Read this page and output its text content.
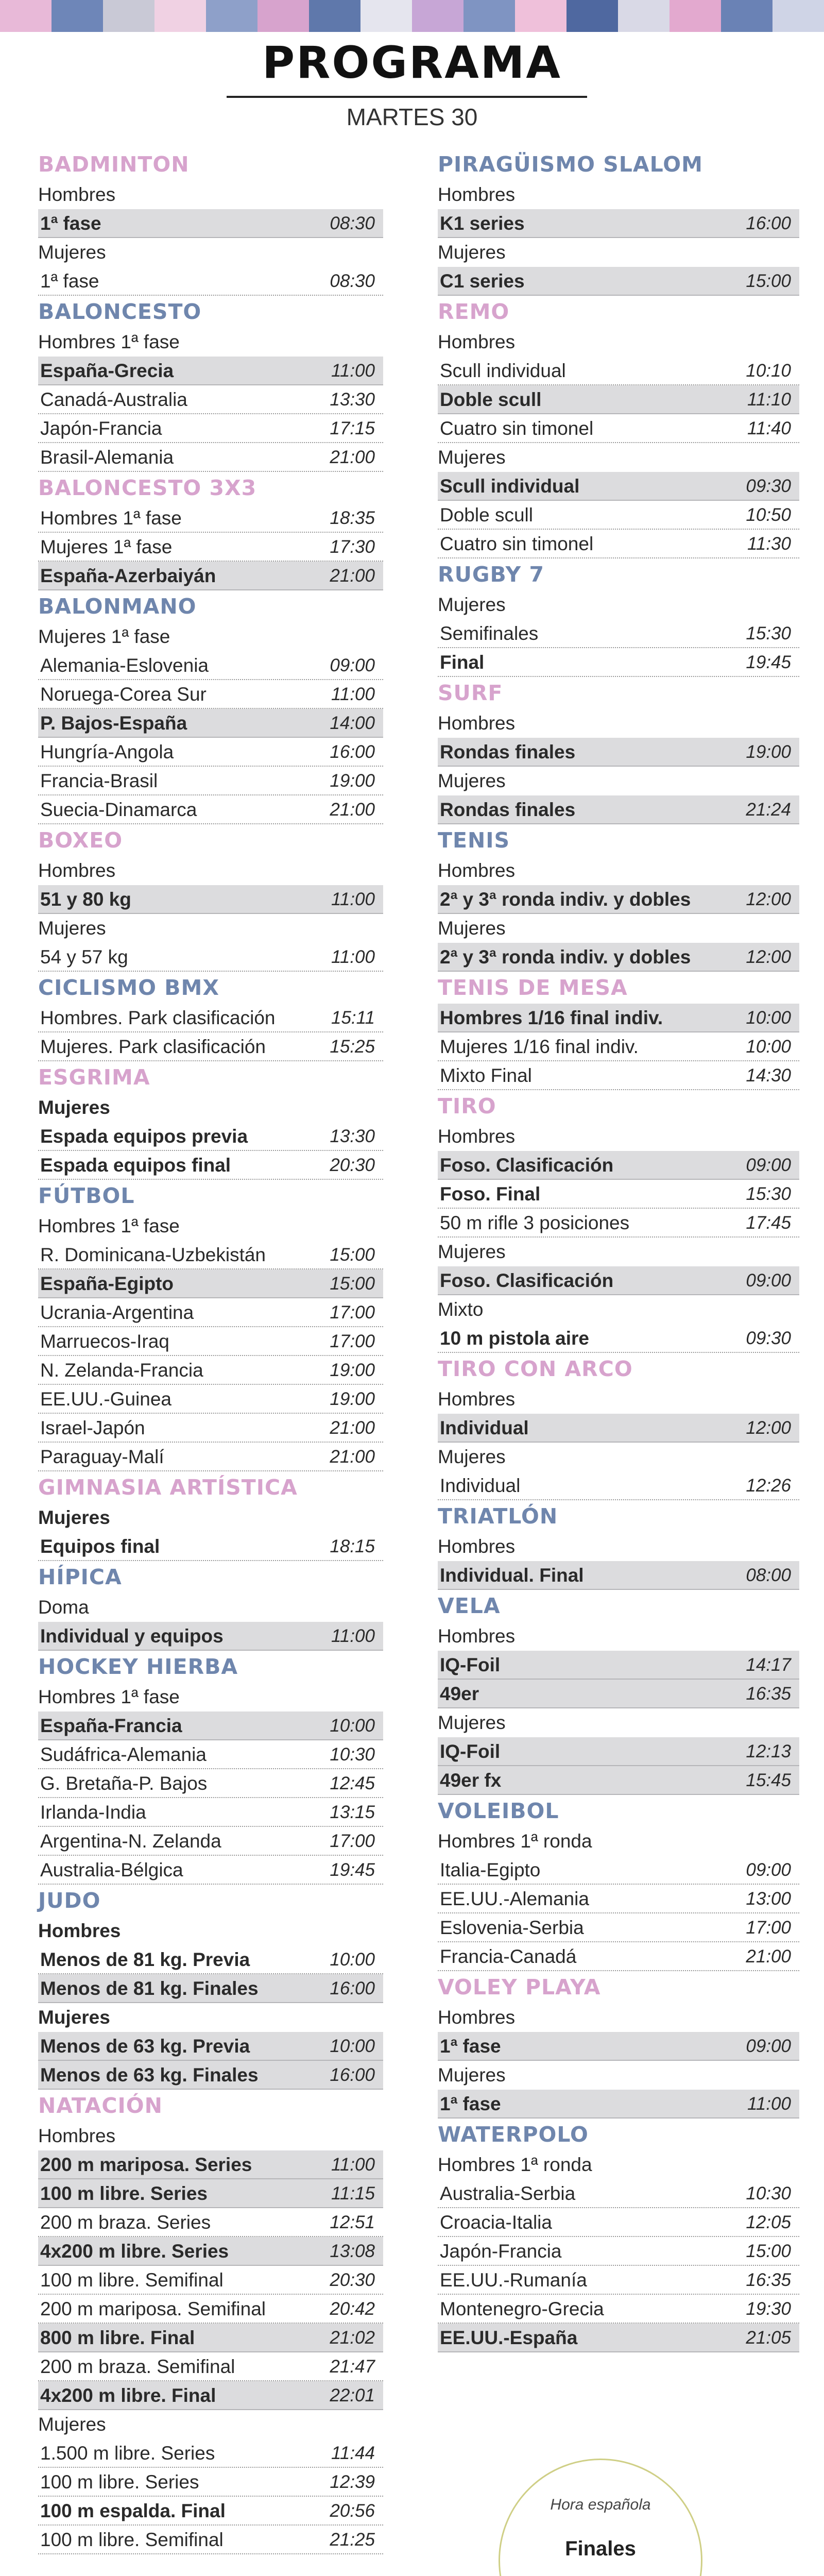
PROGRAMA
MARTES 30
BADMINTON
Hombres
1ª fase	08:30
Mujeres
1ª fase	08:30
BALONCESTO
Hombres 1ª fase
España-Grecia	11:00
Canadá-Australia	13:30
Japón-Francia	17:15
Brasil-Alemania	21:00
BALONCESTO 3X3
Hombres 1ª fase	18:35
Mujeres 1ª fase	17:30
España-Azerbaiyán	21:00
BALONMANO
Mujeres 1ª fase
Alemania-Eslovenia	09:00
Noruega-Corea Sur	11:00
P. Bajos-España	14:00
Hungría-Angola	16:00
Francia-Brasil	19:00
Suecia-Dinamarca	21:00
BOXEO
Hombres
51 y 80 kg	11:00
Mujeres
54 y 57 kg	11:00
CICLISMO BMX
Hombres. Park clasificación	15:11
Mujeres. Park clasificación	15:25
ESGRIMA
Mujeres
Espada equipos previa	13:30
Espada equipos final	20:30
FÚTBOL
Hombres 1ª fase
R. Dominicana-Uzbekistán	15:00
España-Egipto	15:00
Ucrania-Argentina	17:00
Marruecos-Iraq	17:00
N. Zelanda-Francia	19:00
EE.UU.-Guinea	19:00
Israel-Japón	21:00
Paraguay-Malí	21:00
GIMNASIA ARTÍSTICA
Mujeres
Equipos final	18:15
HÍPICA
Doma
Individual y equipos	11:00
HOCKEY HIERBA
Hombres 1ª fase
España-Francia	10:00
Sudáfrica-Alemania	10:30
G. Bretaña-P. Bajos	12:45
Irlanda-India	13:15
Argentina-N. Zelanda	17:00
Australia-Bélgica	19:45
JUDO
Hombres
Menos de 81 kg. Previa	10:00
Menos de 81 kg. Finales	16:00
Mujeres
Menos de 63 kg. Previa	10:00
Menos de 63 kg. Finales	16:00
NATACIÓN
Hombres
200 m mariposa. Series	11:00
100 m libre. Series	11:15
200 m braza. Series	12:51
4x200 m libre. Series	13:08
100 m libre. Semifinal	20:30
200 m mariposa. Semifinal	20:42
800 m libre. Final	21:02
200 m braza. Semifinal	21:47
4x200 m libre. Final	22:01
Mujeres
1.500 m libre. Series	11:44
100 m libre. Series	12:39
100 m espalda. Final	20:56
100 m libre. Semifinal	21:25
PIRAGÜISMO SLALOM
Hombres
K1 series	16:00
Mujeres
C1 series	15:00
REMO
Hombres
Scull individual	10:10
Doble scull	11:10
Cuatro sin timonel	11:40
Mujeres
Scull individual	09:30
Doble scull	10:50
Cuatro sin timonel	11:30
RUGBY 7
Mujeres
Semifinales	15:30
Final	19:45
SURF
Hombres
Rondas finales	19:00
Mujeres
Rondas finales	21:24
TENIS
Hombres
2ª y 3ª ronda indiv. y dobles	12:00
Mujeres
2ª y 3ª ronda indiv. y dobles	12:00
TENIS DE MESA
Hombres 1/16 final indiv.	10:00
Mujeres 1/16 final indiv.	10:00
Mixto Final	14:30
TIRO
Hombres
Foso. Clasificación	09:00
Foso. Final	15:30
50 m rifle 3 posiciones	17:45
Mujeres
Foso. Clasificación	09:00
Mixto
10 m pistola aire	09:30
TIRO CON ARCO
Hombres
Individual	12:00
Mujeres
Individual	12:26
TRIATLÓN
Hombres
Individual. Final	08:00
VELA
Hombres
IQ-Foil	14:17
49er	16:35
Mujeres
IQ-Foil	12:13
49er fx	15:45
VOLEIBOL
Hombres 1ª ronda
Italia-Egipto	09:00
EE.UU.-Alemania	13:00
Eslovenia-Serbia	17:00
Francia-Canadá	21:00
VOLEY PLAYA
Hombres
1ª fase	09:00
Mujeres
1ª fase	11:00
WATERPOLO
Hombres 1ª ronda
Australia-Serbia	10:30
Croacia-Italia	12:05
Japón-Francia	15:00
EE.UU.-Rumanía	16:35
Montenegro-Grecia	19:30
EE.UU.-España	21:05
Hora española
Finales
